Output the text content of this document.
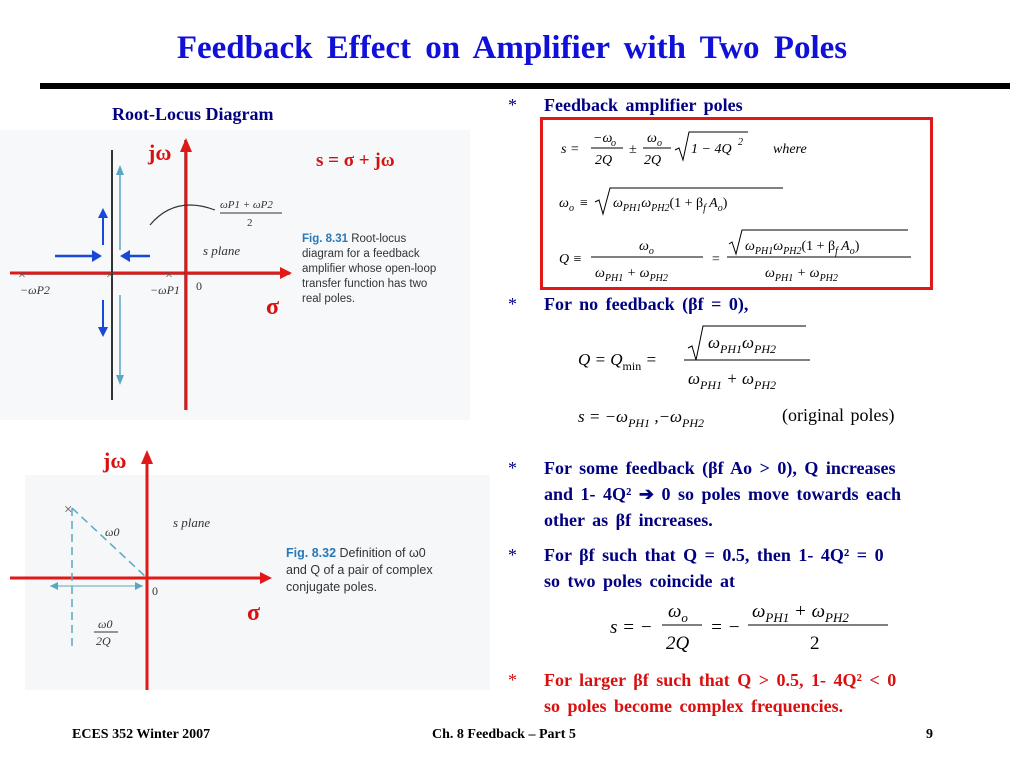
Feedback Effect on Amplifier with Two Poles
Root-Locus Diagram
×	×
×
−ωP2	−ωP1 0
s plane
ωP1 + ωP2
2
jω	s = σ + jω
σ
Fig. 8.31 Root-locus
diagram for a feedback
amplifier whose open-loop
transfer function has two
real poles.
×
ω0
s plane
0
ω0
2Q
jω
σ
Fig. 8.32 Definition of ω0
and Q of a pair of complex
conjugate poles.
* Feedback amplifier poles
s =
−ω
o
2Q
±
ω o
2Q
1 − 4Q 2 where
ω $o \equiv \omega_{PH1}\omega_{PH2}(1 + \beta_f$ $A_o$)
Q ≡
$\omega_o$
$\omega_{PH1} + \omega_{PH2}$
=
$\omega_{PH1}\omega_{PH2}(1 + \beta_f$ $A_o$)
$\omega_{PH1} + \omega_{PH2}$
* For no feedback (βf = 0),
$Q = Q_{min}$ =
$\omega_{PH1}\omega_{PH2}$
$\omega_{PH1} + \omega_{PH2}$
$s = -\omega_{PH1}$ $,-\omega_{PH2}$	(original poles)
* For some feedback (βf Ao > 0), Q increases
and 1- 4Q² ➔ 0 so poles move towards each
other as βf increases.
* For βf such that Q = 0.5, then 1- 4Q² = 0
so two poles coincide at
s = −
$\omega_o$
2Q
= −
$\omega_{PH1} + \omega_{PH2}$
2
* For larger βf such that Q > 0.5, 1- 4Q² < 0
so poles become complex frequencies.
ECES 352 Winter 2007	Ch. 8 Feedback – Part 5	9
